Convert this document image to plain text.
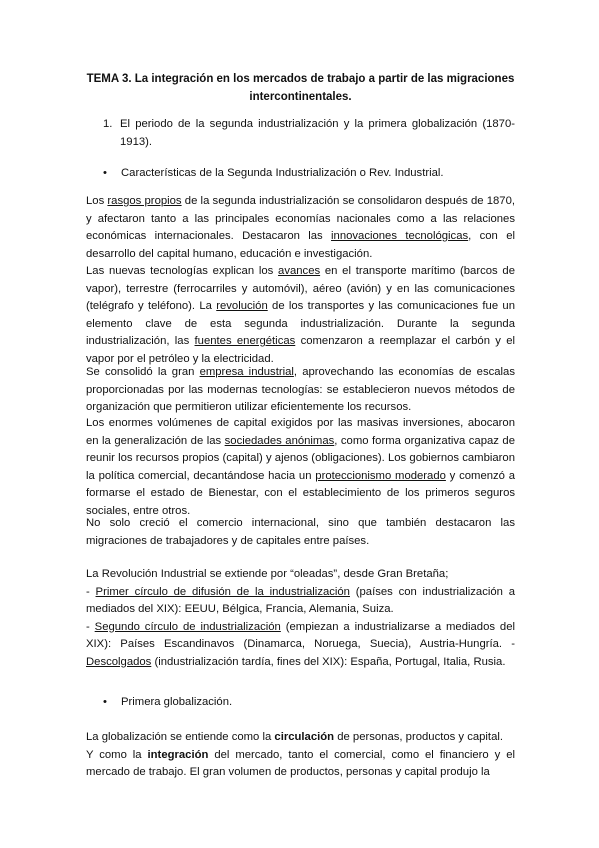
TEMA 3. La integración en los mercados de trabajo a partir de las migraciones intercontinentales.
1. El periodo de la segunda industrialización y la primera globalización (1870-1913).
• Características de la Segunda Industrialización o Rev. Industrial.
Los rasgos propios de la segunda industrialización se consolidaron después de 1870, y afectaron tanto a las principales economías nacionales como a las relaciones económicas internacionales. Destacaron las innovaciones tecnológicas, con el desarrollo del capital humano, educación e investigación.
Las nuevas tecnologías explican los avances en el transporte marítimo (barcos de vapor), terrestre (ferrocarriles y automóvil), aéreo (avión) y en las comunicaciones (telégrafo y teléfono). La revolución de los transportes y las comunicaciones fue un elemento clave de esta segunda industrialización. Durante la segunda industrialización, las fuentes energéticas comenzaron a reemplazar el carbón y el vapor por el petróleo y la electricidad.
Se consolidó la gran empresa industrial, aprovechando las economías de escalas proporcionadas por las modernas tecnologías: se establecieron nuevos métodos de organización que permitieron utilizar eficientemente los recursos.
Los enormes volúmenes de capital exigidos por las masivas inversiones, abocaron en la generalización de las sociedades anónimas, como forma organizativa capaz de reunir los recursos propios (capital) y ajenos (obligaciones). Los gobiernos cambiaron la política comercial, decantándose hacia un proteccionismo moderado y comenzó a formarse el estado de Bienestar, con el establecimiento de los primeros seguros sociales, entre otros.
No solo creció el comercio internacional, sino que también destacaron las migraciones de trabajadores y de capitales entre países.
La Revolución Industrial se extiende por “oleadas”, desde Gran Bretaña;
- Primer círculo de difusión de la industrialización (países con industrialización a mediados del XIX): EEUU, Bélgica, Francia, Alemania, Suiza.
- Segundo círculo de industrialización (empiezan a industrializarse a mediados del XIX): Países Escandinavos (Dinamarca, Noruega, Suecia), Austria-Hungría. - Descolgados (industrialización tardía, fines del XIX): España, Portugal, Italia, Rusia.
• Primera globalización.
La globalización se entiende como la circulación de personas, productos y capital.
Y como la integración del mercado, tanto el comercial, como el financiero y el mercado de trabajo. El gran volumen de productos, personas y capital produjo la
